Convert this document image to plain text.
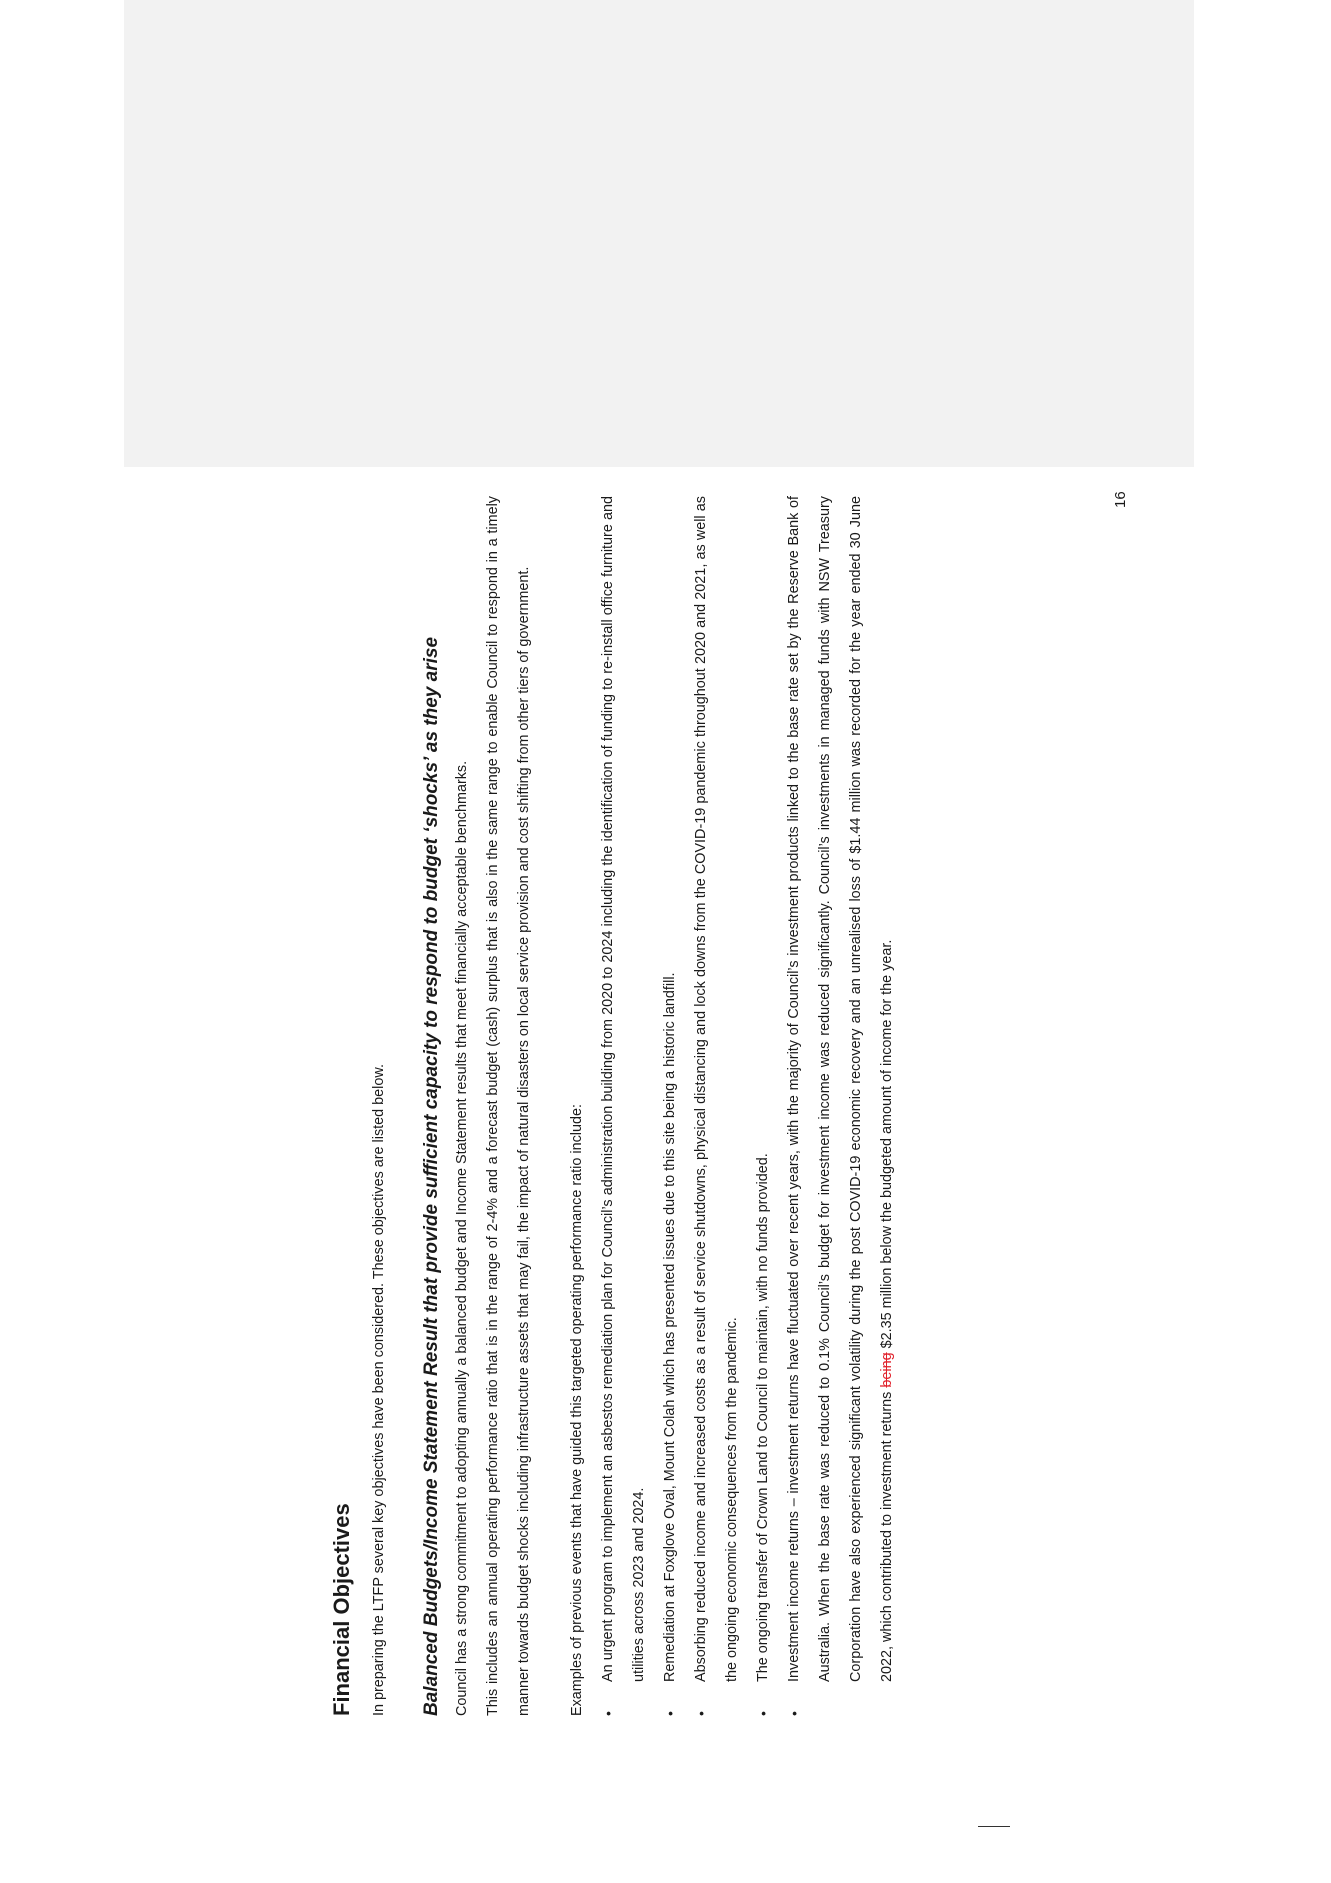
16
Financial Objectives	In preparing the LTFP several key objectives have been considered. These objectives are listed below.	Balanced Budgets/Income Statement Result that provide sufficient capacity to respond to budget ‘shocks’ as they arise Council has a strong commitment to adopting annually a balanced budget and Income Statement results that meet financially acceptable benchmarks.	This includes an annual operating performance ratio that is in the range of 2-4% and a forecast budget (cash) surplus that is also in the same range to enable Council to respond in a timely manner towards budget shocks including infrastructure assets that may fail, the impact of natural disasters on local service provision and cost shifting from other tiers of government.	Examples of previous events that have guided this targeted operating performance ratio include:	•
An urgent program to implement an asbestos remediation plan for Council’s administration building from 2020 to 2024 including the identification of funding to re-install office furniture and utilities across 2023 and 2024.
•
Remediation at Foxglove Oval, Mount Colah which has presented issues due to this site being a historic landfill.
•
Absorbing reduced income and increased costs as a result of service shutdowns, physical distancing and lock downs from the COVID-19 pandemic throughout 2020 and 2021, as well as the ongoing economic consequences from the pandemic.
•
The ongoing transfer of Crown Land to Council to maintain, with no funds provided.
•
Investment income returns – investment returns have fluctuated over recent years, with the majority of Council’s investment products linked to the base rate set by the Reserve Bank of Australia. When the base rate was reduced to 0.1% Council’s budget for investment income was reduced significantly. Council’s investments in managed funds with NSW Treasury Corporation have also experienced significant volatility during the post COVID-19 economic recovery and an unrealised loss of $1.44 million was recorded for the year ended 30 June 2022, which contributed to investment returns being $2.35 million below the budgeted amount of income for the year.
